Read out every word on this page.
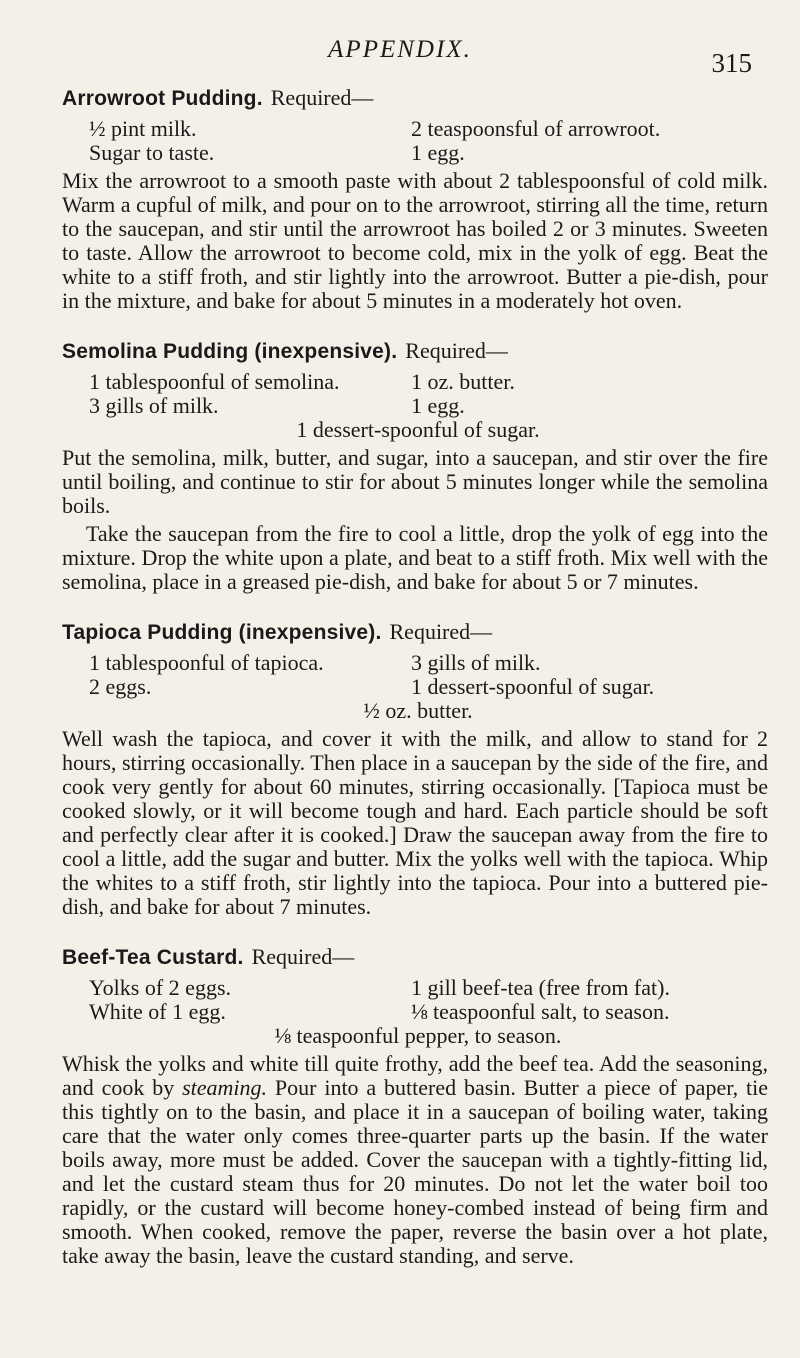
APPENDIX.	315
Arrowroot Pudding. Required—
½ pint milk.	2 teaspoonsful of arrowroot.
Sugar to taste.	1 egg.

Mix the arrowroot to a smooth paste with about 2 tablespoonsful of cold milk. Warm a cupful of milk, and pour on to the arrowroot, stirring all the time, return to the saucepan, and stir until the arrowroot has boiled 2 or 3 minutes. Sweeten to taste. Allow the arrowroot to become cold, mix in the yolk of egg. Beat the white to a stiff froth, and stir lightly into the arrowroot. Butter a pie-dish, pour in the mixture, and bake for about 5 minutes in a moderately hot oven.

Semolina Pudding (inexpensive). Required—
1 tablespoonful of semolina.	1 oz. butter.
3 gills of milk.	1 egg.
1 dessert-spoonful of sugar.

Put the semolina, milk, butter, and sugar, into a saucepan, and stir over the fire until boiling, and continue to stir for about 5 minutes longer while the semolina boils.

Take the saucepan from the fire to cool a little, drop the yolk of egg into the mixture. Drop the white upon a plate, and beat to a stiff froth. Mix well with the semolina, place in a greased pie-dish, and bake for about 5 or 7 minutes.

Tapioca Pudding (inexpensive). Required—
1 tablespoonful of tapioca.	3 gills of milk.
2 eggs.	1 dessert-spoonful of sugar.
½ oz. butter.

Well wash the tapioca, and cover it with the milk, and allow to stand for 2 hours, stirring occasionally. Then place in a saucepan by the side of the fire, and cook very gently for about 60 minutes, stirring occasionally. [Tapioca must be cooked slowly, or it will become tough and hard. Each particle should be soft and perfectly clear after it is cooked.] Draw the saucepan away from the fire to cool a little, add the sugar and butter. Mix the yolks well with the tapioca. Whip the whites to a stiff froth, stir lightly into the tapioca. Pour into a buttered pie-dish, and bake for about 7 minutes.

Beef-Tea Custard. Required—
Yolks of 2 eggs.	1 gill beef-tea (free from fat).
White of 1 egg.	⅛ teaspoonful salt, to season.
⅛ teaspoonful pepper, to season.

Whisk the yolks and white till quite frothy, add the beef tea. Add the seasoning, and cook by steaming. Pour into a buttered basin. Butter a piece of paper, tie this tightly on to the basin, and place it in a saucepan of boiling water, taking care that the water only comes three-quarter parts up the basin. If the water boils away, more must be added. Cover the saucepan with a tightly-fitting lid, and let the custard steam thus for 20 minutes. Do not let the water boil too rapidly, or the custard will become honey-combed instead of being firm and smooth. When cooked, remove the paper, reverse the basin over a hot plate, take away the basin, leave the custard standing, and serve.
